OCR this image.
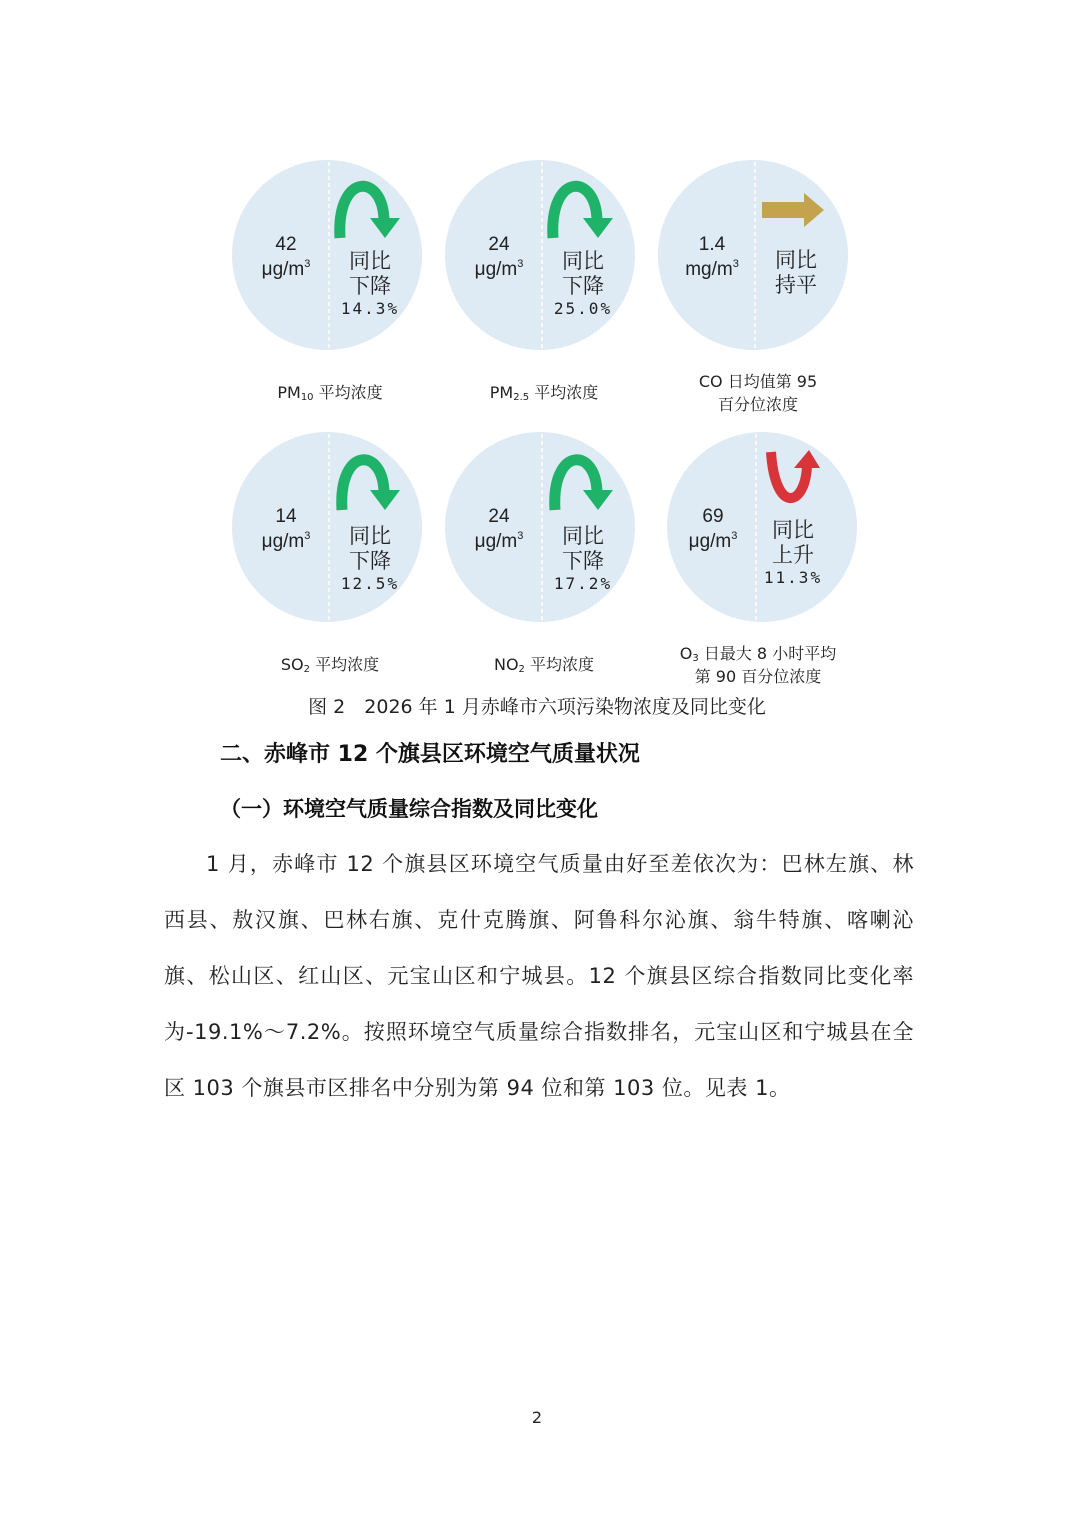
42
$\mu g/m^3$	同比
下降
14.3%
24
$\mu g/m^3$	同比
下降
25.0%
1.4
$mg/m^3$	同比
持平
$PM_{10}$ 平均浓度	$PM_{2.5}$ 平均浓度
CO 日均值第 95
百分位浓度
14
$\mu g/m^3$	同比
下降
12.5%
24
$\mu g/m^3$	同比
下降
17.2%
69
$\mu g/m^3$	同比
上升
11.3%
$SO_2$ 平均浓度	$NO_2$ 平均浓度
$O_3$ 日最大 8 小时平均
第 90 百分位浓度
图 2　2026 年 1 月赤峰市六项污染物浓度及同比变化
二、赤峰市 12 个旗县区环境空气质量状况
（一）环境空气质量综合指数及同比变化
1 月，赤峰市 12 个旗县区环境空气质量由好至差依次为：巴林左旗、林西县、敖汉旗、巴林右旗、克什克腾旗、阿鲁科尔沁旗、翁牛特旗、喀喇沁旗、松山区、红山区、元宝山区和宁城县。12 个旗县区综合指数同比变化率为-19.1%～7.2%。按照环境空气质量综合指数排名，元宝山区和宁城县在全区 103 个旗县市区排名中分别为第 94 位和第 103 位。见表 1。
2
